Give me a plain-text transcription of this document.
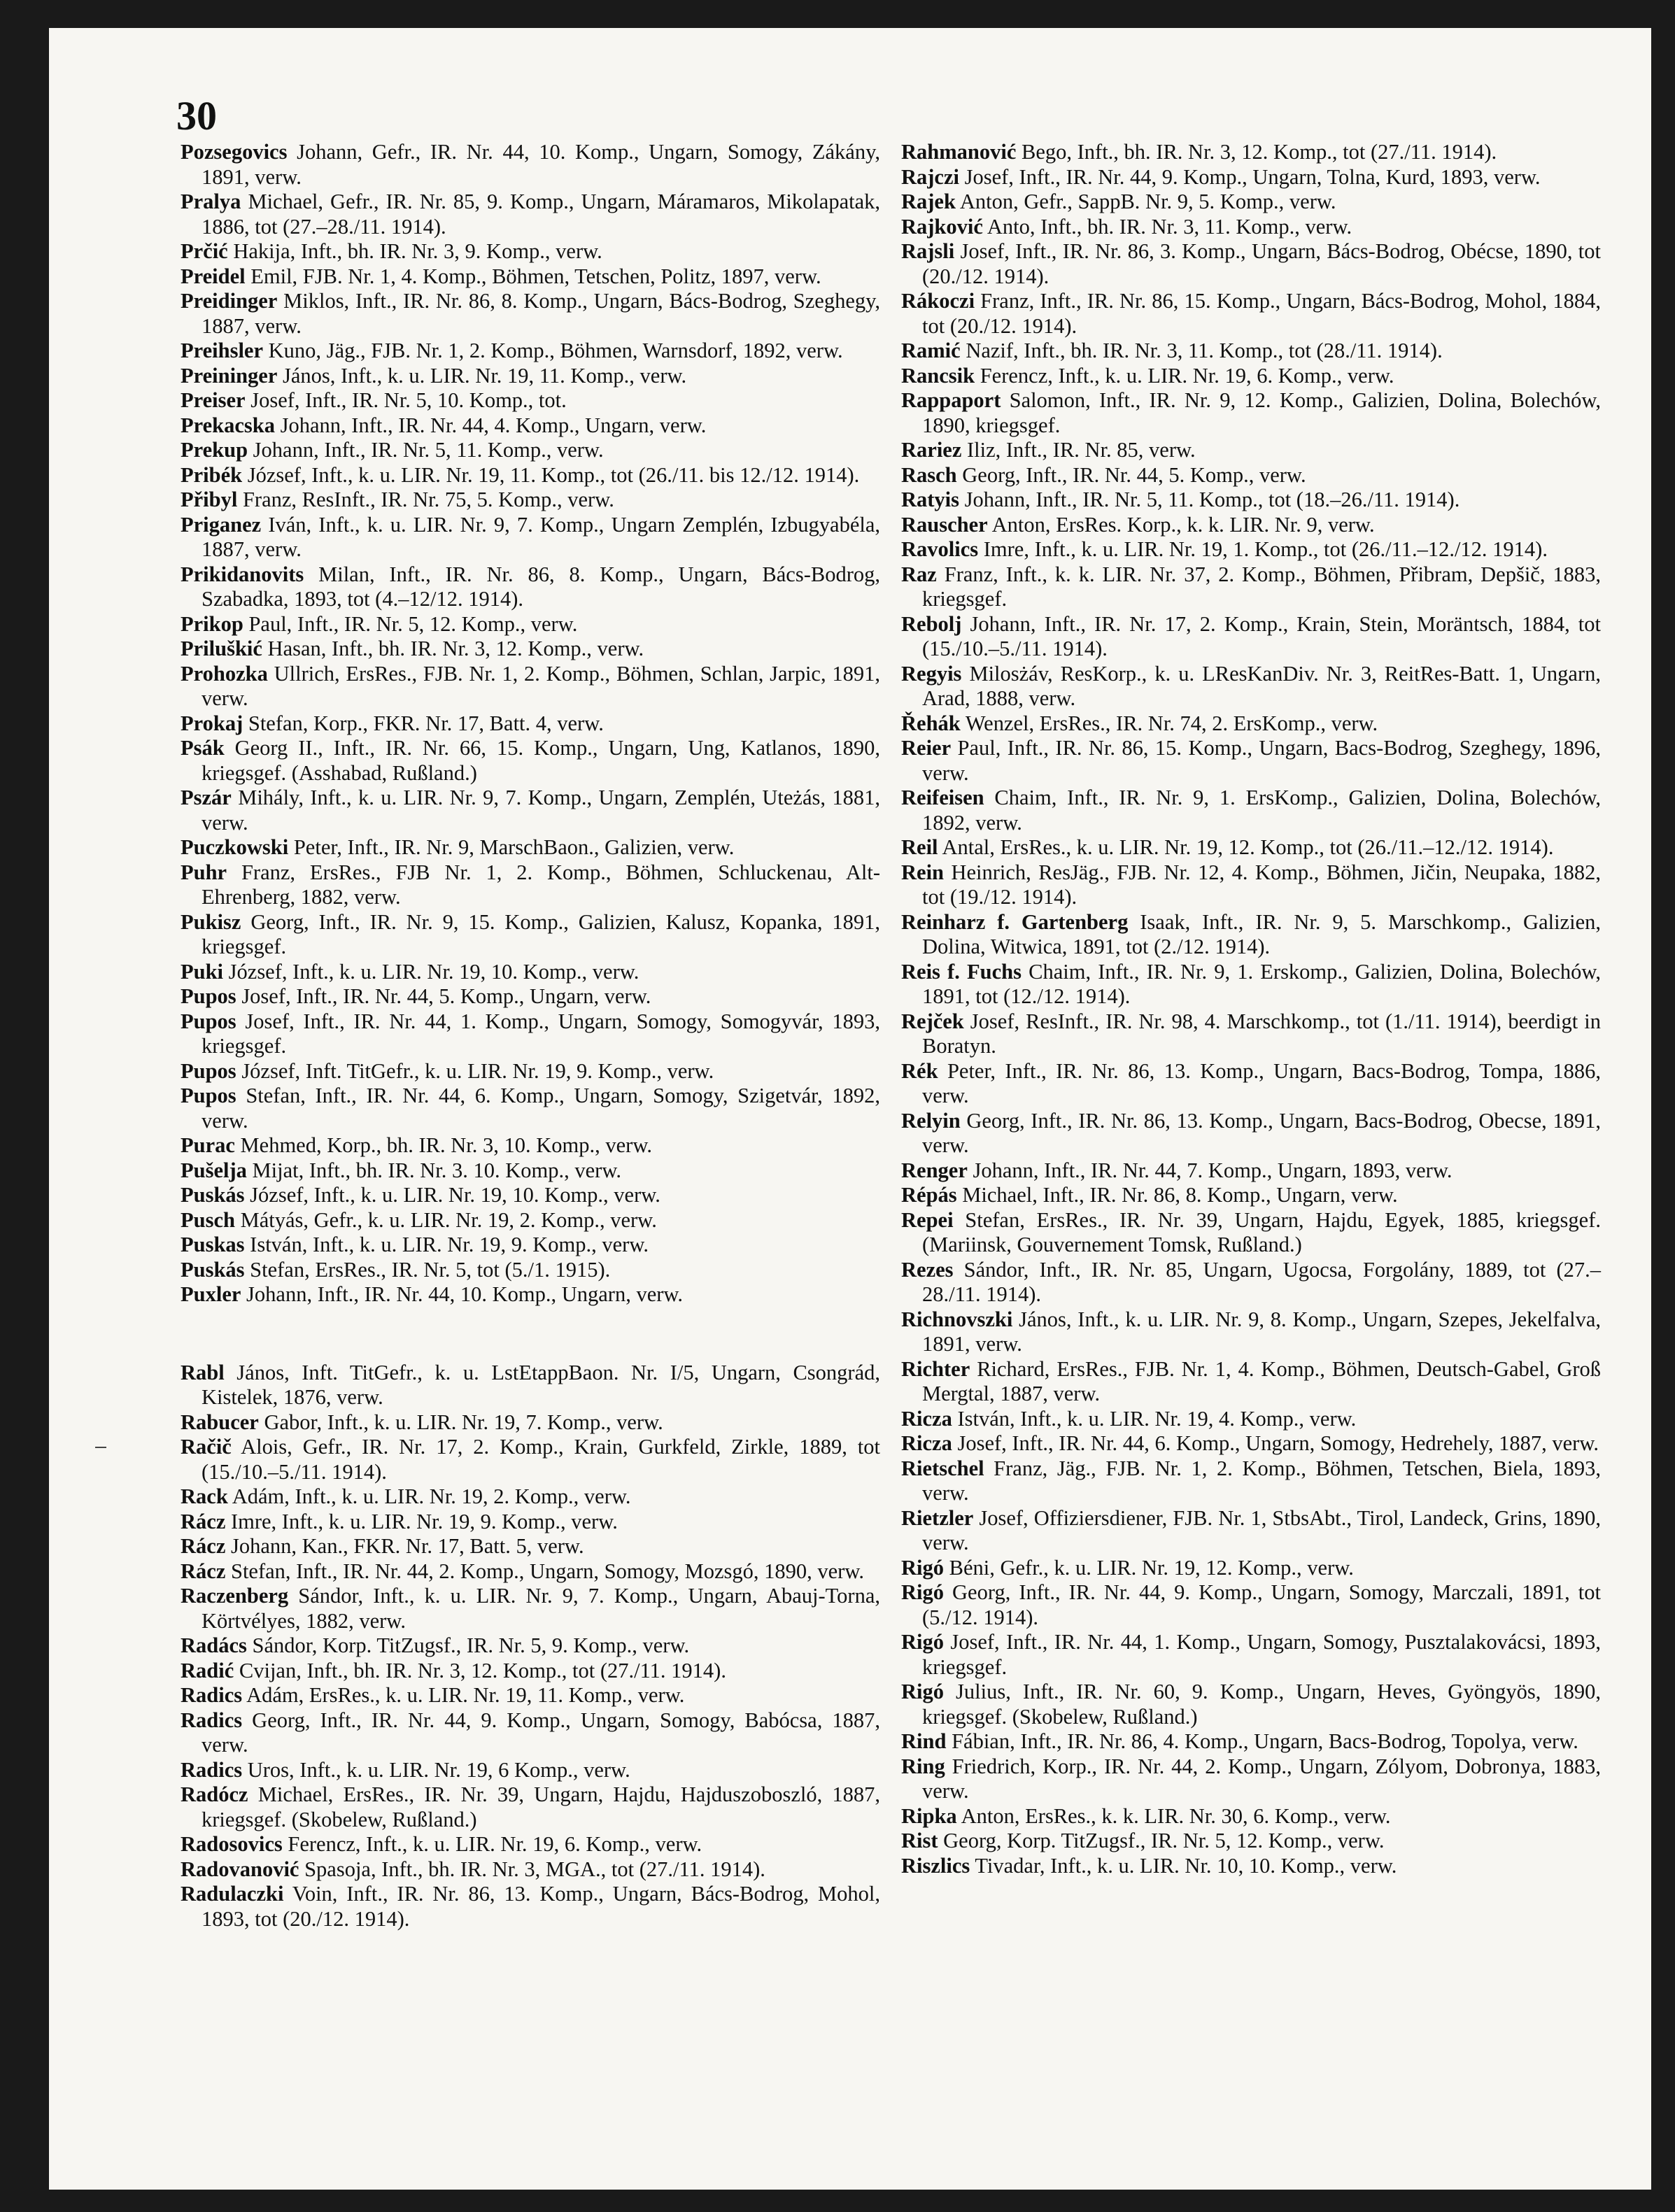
30

Pozsegovics Johann, Gefr., IR. Nr. 44, 10. Komp., Ungarn, Somogy, Zákány, 1891, verw.

Pralya Michael, Gefr., IR. Nr. 85, 9. Komp., Ungarn, Máramaros, Mikolapatak, 1886, tot (27.–28./11. 1914).

Prčić Hakija, Inft., bh. IR. Nr. 3, 9. Komp., verw.

Preidel Emil, FJB. Nr. 1, 4. Komp., Böhmen, Tetschen, Politz, 1897, verw.

Preidinger Miklos, Inft., IR. Nr. 86, 8. Komp., Ungarn, Bács-Bodrog, Szeghegy, 1887, verw.

Preihsler Kuno, Jäg., FJB. Nr. 1, 2. Komp., Böhmen, Warnsdorf, 1892, verw.

Preininger János, Inft., k. u. LIR. Nr. 19, 11. Komp., verw.

Preiser Josef, Inft., IR. Nr. 5, 10. Komp., tot.

Prekacska Johann, Inft., IR. Nr. 44, 4. Komp., Ungarn, verw.

Prekup Johann, Inft., IR. Nr. 5, 11. Komp., verw.

Pribék József, Inft., k. u. LIR. Nr. 19, 11. Komp., tot (26./11. bis 12./12. 1914).

Přibyl Franz, ResInft., IR. Nr. 75, 5. Komp., verw.

Priganez Iván, Inft., k. u. LIR. Nr. 9, 7. Komp., Ungarn Zemplén, Izbugyabéla, 1887, verw.

Prikidanovits Milan, Inft., IR. Nr. 86, 8. Komp., Ungarn, Bács-Bodrog, Szabadka, 1893, tot (4.–12/12. 1914).

Prikop Paul, Inft., IR. Nr. 5, 12. Komp., verw.

Priluškić Hasan, Inft., bh. IR. Nr. 3, 12. Komp., verw.

Prohozka Ullrich, ErsRes., FJB. Nr. 1, 2. Komp., Böhmen, Schlan, Jarpic, 1891, verw.

Prokaj Stefan, Korp., FKR. Nr. 17, Batt. 4, verw.

Psák Georg II., Inft., IR. Nr. 66, 15. Komp., Ungarn, Ung, Katlanos, 1890, kriegsgef. (Asshabad, Rußland.)

Pszár Mihály, Inft., k. u. LIR. Nr. 9, 7. Komp., Ungarn, Zemplén, Uteżás, 1881, verw.

Puczkowski Peter, Inft., IR. Nr. 9, MarschBaon., Galizien, verw.

Puhr Franz, ErsRes., FJB Nr. 1, 2. Komp., Böhmen, Schluckenau, Alt-Ehrenberg, 1882, verw.

Pukisz Georg, Inft., IR. Nr. 9, 15. Komp., Galizien, Kalusz, Kopanka, 1891, kriegsgef.

Puki József, Inft., k. u. LIR. Nr. 19, 10. Komp., verw.

Pupos Josef, Inft., IR. Nr. 44, 5. Komp., Ungarn, verw.

Pupos Josef, Inft., IR. Nr. 44, 1. Komp., Ungarn, Somogy, Somogyvár, 1893, kriegsgef.

Pupos József, Inft. TitGefr., k. u. LIR. Nr. 19, 9. Komp., verw.

Pupos Stefan, Inft., IR. Nr. 44, 6. Komp., Ungarn, Somogy, Szigetvár, 1892, verw.

Purac Mehmed, Korp., bh. IR. Nr. 3, 10. Komp., verw.

Pušelja Mijat, Inft., bh. IR. Nr. 3. 10. Komp., verw.

Puskás József, Inft., k. u. LIR. Nr. 19, 10. Komp., verw.

Pusch Mátyás, Gefr., k. u. LIR. Nr. 19, 2. Komp., verw.

Puskas István, Inft., k. u. LIR. Nr. 19, 9. Komp., verw.

Puskás Stefan, ErsRes., IR. Nr. 5, tot (5./1. 1915).

Puxler Johann, Inft., IR. Nr. 44, 10. Komp., Ungarn, verw.

Rabl János, Inft. TitGefr., k. u. LstEtappBaon. Nr. I/5, Ungarn, Csongrád, Kistelek, 1876, verw.

Rabucer Gabor, Inft., k. u. LIR. Nr. 19, 7. Komp., verw.

Račič Alois, Gefr., IR. Nr. 17, 2. Komp., Krain, Gurkfeld, Zirkle, 1889, tot (15./10.–5./11. 1914).

Rack Adám, Inft., k. u. LIR. Nr. 19, 2. Komp., verw.

Rácz Imre, Inft., k. u. LIR. Nr. 19, 9. Komp., verw.

Rácz Johann, Kan., FKR. Nr. 17, Batt. 5, verw.

Rácz Stefan, Inft., IR. Nr. 44, 2. Komp., Ungarn, Somogy, Mozsgó, 1890, verw.

Raczenberg Sándor, Inft., k. u. LIR. Nr. 9, 7. Komp., Ungarn, Abauj-Torna, Körtvélyes, 1882, verw.

Radács Sándor, Korp. TitZugsf., IR. Nr. 5, 9. Komp., verw.

Radić Cvijan, Inft., bh. IR. Nr. 3, 12. Komp., tot (27./11. 1914).

Radics Adám, ErsRes., k. u. LIR. Nr. 19, 11. Komp., verw.

Radics Georg, Inft., IR. Nr. 44, 9. Komp., Ungarn, Somogy, Babócsa, 1887, verw.

Radics Uros, Inft., k. u. LIR. Nr. 19, 6 Komp., verw.

Radócz Michael, ErsRes., IR. Nr. 39, Ungarn, Hajdu, Hajduszoboszló, 1887, kriegsgef. (Skobelew, Rußland.)

Radosovics Ferencz, Inft., k. u. LIR. Nr. 19, 6. Komp., verw.

Radovanović Spasoja, Inft., bh. IR. Nr. 3, MGA., tot (27./11. 1914).

Radulaczki Voin, Inft., IR. Nr. 86, 13. Komp., Ungarn, Bács-Bodrog, Mohol, 1893, tot (20./12. 1914).

Rahmanović Bego, Inft., bh. IR. Nr. 3, 12. Komp., tot (27./11. 1914).

Rajczi Josef, Inft., IR. Nr. 44, 9. Komp., Ungarn, Tolna, Kurd, 1893, verw.

Rajek Anton, Gefr., SappB. Nr. 9, 5. Komp., verw.

Rajković Anto, Inft., bh. IR. Nr. 3, 11. Komp., verw.

Rajsli Josef, Inft., IR. Nr. 86, 3. Komp., Ungarn, Bács-Bodrog, Obécse, 1890, tot (20./12. 1914).

Rákoczi Franz, Inft., IR. Nr. 86, 15. Komp., Ungarn, Bács-Bodrog, Mohol, 1884, tot (20./12. 1914).

Ramić Nazif, Inft., bh. IR. Nr. 3, 11. Komp., tot (28./11. 1914).

Rancsik Ferencz, Inft., k. u. LIR. Nr. 19, 6. Komp., verw.

Rappaport Salomon, Inft., IR. Nr. 9, 12. Komp., Galizien, Dolina, Bolechów, 1890, kriegsgef.

Rariez Iliz, Inft., IR. Nr. 85, verw.

Rasch Georg, Inft., IR. Nr. 44, 5. Komp., verw.

Ratyis Johann, Inft., IR. Nr. 5, 11. Komp., tot (18.–26./11. 1914).

Rauscher Anton, ErsRes. Korp., k. k. LIR. Nr. 9, verw.

Ravolics Imre, Inft., k. u. LIR. Nr. 19, 1. Komp., tot (26./11.–12./12. 1914).

Raz Franz, Inft., k. k. LIR. Nr. 37, 2. Komp., Böhmen, Přibram, Depšič, 1883, kriegsgef.

Rebolj Johann, Inft., IR. Nr. 17, 2. Komp., Krain, Stein, Moräntsch, 1884, tot (15./10.–5./11. 1914).

Regyis Milosżáv, ResKorp., k. u. LResKanDiv. Nr. 3, ReitRes-Batt. 1, Ungarn, Arad, 1888, verw.

Řehák Wenzel, ErsRes., IR. Nr. 74, 2. ErsKomp., verw.

Reier Paul, Inft., IR. Nr. 86, 15. Komp., Ungarn, Bacs-Bodrog, Szeghegy, 1896, verw.

Reifeisen Chaim, Inft., IR. Nr. 9, 1. ErsKomp., Galizien, Dolina, Bolechów, 1892, verw.

Reil Antal, ErsRes., k. u. LIR. Nr. 19, 12. Komp., tot (26./11.–12./12. 1914).

Rein Heinrich, ResJäg., FJB. Nr. 12, 4. Komp., Böhmen, Jičin, Neupaka, 1882, tot (19./12. 1914).

Reinharz f. Gartenberg Isaak, Inft., IR. Nr. 9, 5. Marschkomp., Galizien, Dolina, Witwica, 1891, tot (2./12. 1914).

Reis f. Fuchs Chaim, Inft., IR. Nr. 9, 1. Erskomp., Galizien, Dolina, Bolechów, 1891, tot (12./12. 1914).

Rejček Josef, ResInft., IR. Nr. 98, 4. Marschkomp., tot (1./11. 1914), beerdigt in Boratyn.

Rék Peter, Inft., IR. Nr. 86, 13. Komp., Ungarn, Bacs-Bodrog, Tompa, 1886, verw.

Relyin Georg, Inft., IR. Nr. 86, 13. Komp., Ungarn, Bacs-Bodrog, Obecse, 1891, verw.

Renger Johann, Inft., IR. Nr. 44, 7. Komp., Ungarn, 1893, verw.

Répás Michael, Inft., IR. Nr. 86, 8. Komp., Ungarn, verw.

Repei Stefan, ErsRes., IR. Nr. 39, Ungarn, Hajdu, Egyek, 1885, kriegsgef. (Mariinsk, Gouvernement Tomsk, Rußland.)

Rezes Sándor, Inft., IR. Nr. 85, Ungarn, Ugocsa, Forgolány, 1889, tot (27.–28./11. 1914).

Richnovszki János, Inft., k. u. LIR. Nr. 9, 8. Komp., Ungarn, Szepes, Jekelfalva, 1891, verw.

Richter Richard, ErsRes., FJB. Nr. 1, 4. Komp., Böhmen, Deutsch-Gabel, Groß Mergtal, 1887, verw.

Ricza István, Inft., k. u. LIR. Nr. 19, 4. Komp., verw.

Ricza Josef, Inft., IR. Nr. 44, 6. Komp., Ungarn, Somogy, Hedrehely, 1887, verw.

Rietschel Franz, Jäg., FJB. Nr. 1, 2. Komp., Böhmen, Tetschen, Biela, 1893, verw.

Rietzler Josef, Offiziersdiener, FJB. Nr. 1, StbsAbt., Tirol, Landeck, Grins, 1890, verw.

Rigó Béni, Gefr., k. u. LIR. Nr. 19, 12. Komp., verw.

Rigó Georg, Inft., IR. Nr. 44, 9. Komp., Ungarn, Somogy, Marczali, 1891, tot (5./12. 1914).

Rigó Josef, Inft., IR. Nr. 44, 1. Komp., Ungarn, Somogy, Pusztalakovácsi, 1893, kriegsgef.

Rigó Julius, Inft., IR. Nr. 60, 9. Komp., Ungarn, Heves, Gyöngyös, 1890, kriegsgef. (Skobelew, Rußland.)

Rind Fábian, Inft., IR. Nr. 86, 4. Komp., Ungarn, Bacs-Bodrog, Topolya, verw.

Ring Friedrich, Korp., IR. Nr. 44, 2. Komp., Ungarn, Zólyom, Dobronya, 1883, verw.

Ripka Anton, ErsRes., k. k. LIR. Nr. 30, 6. Komp., verw.

Rist Georg, Korp. TitZugsf., IR. Nr. 5, 12. Komp., verw.

Riszlics Tivadar, Inft., k. u. LIR. Nr. 10, 10. Komp., verw.
